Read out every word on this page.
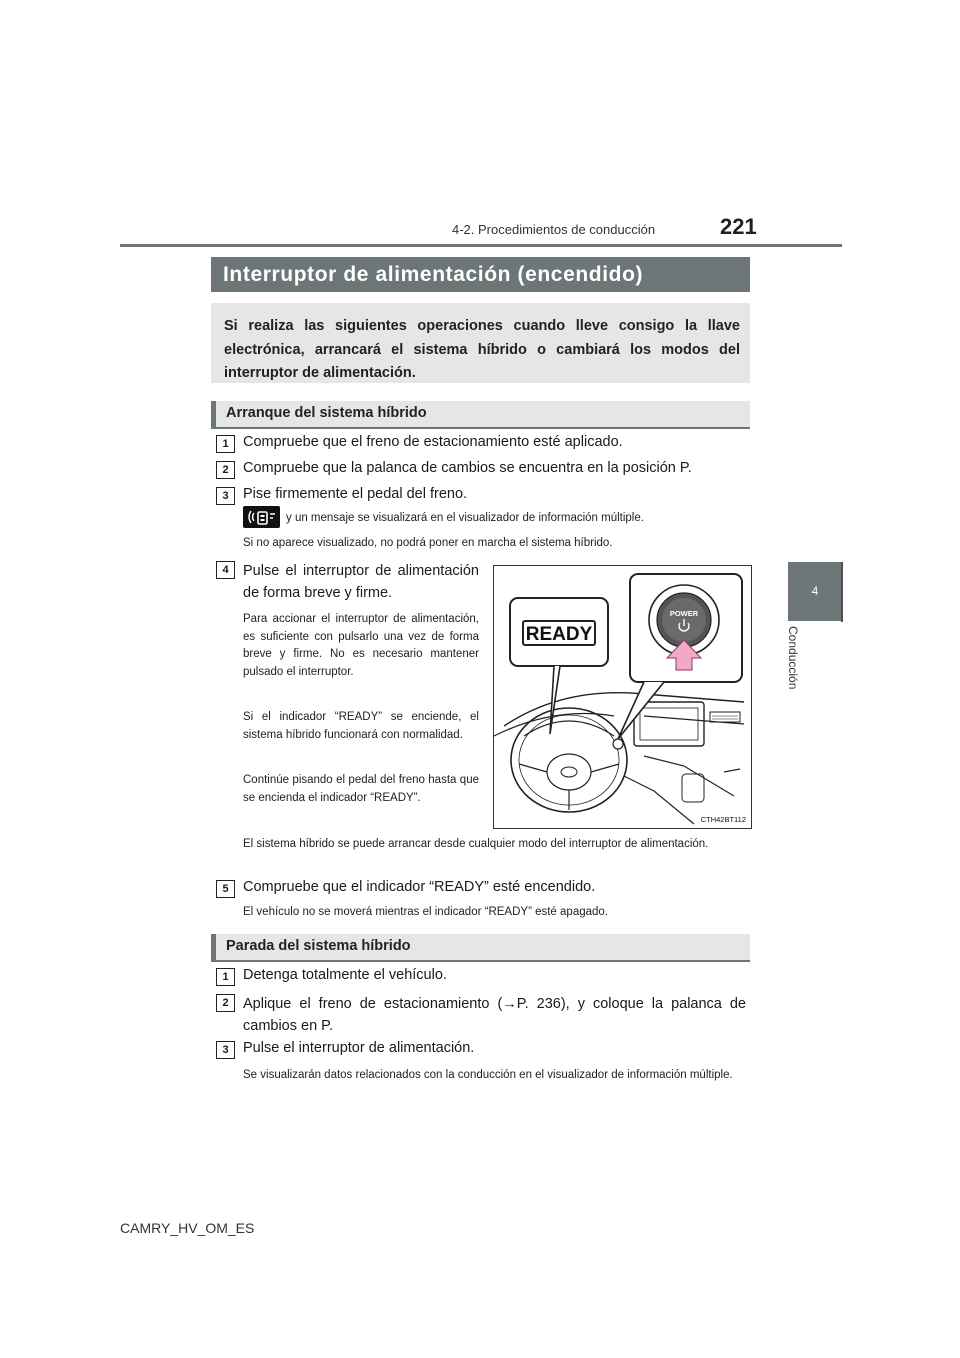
4-2. Procedimientos de conducción	221
4
Conducción
Interruptor de alimentación (encendido)

Si realiza las siguientes operaciones cuando lleve consigo la llave electrónica, arrancará el sistema híbrido o cambiará los modos del interruptor de alimentación.

Arranque del sistema híbrido
1 Compruebe que el freno de estacionamiento esté aplicado.
2 Compruebe que la palanca de cambios se encuentra en la posición P.
3 Pise firmemente el pedal del freno.
y un mensaje se visualizará en el visualizador de información múltiple.
Si no aparece visualizado, no podrá poner en marcha el sistema híbrido.
4 Pulse el interruptor de alimentación de forma breve y firme.
Para accionar el interruptor de alimentación, es suficiente con pulsarlo una vez de forma breve y firme. No es necesario mantener pulsado el interruptor.
Si el indicador “READY” se enciende, el sistema híbrido funcionará con normalidad.
Continúe pisando el pedal del freno hasta que se encienda el indicador “READY”.
El sistema híbrido se puede arrancar desde cualquier modo del interruptor de alimentación.
READY
POWER
CTH42BT112
5 Compruebe que el indicador “READY” esté encendido.
El vehículo no se moverá mientras el indicador “READY” esté apagado.
Parada del sistema híbrido
1 Detenga totalmente el vehículo.
2 Aplique el freno de estacionamiento (→P. 236), y coloque la palanca de cambios en P.
3 Pulse el interruptor de alimentación.
Se visualizarán datos relacionados con la conducción en el visualizador de información múltiple.
CAMRY_HV_OM_ES
